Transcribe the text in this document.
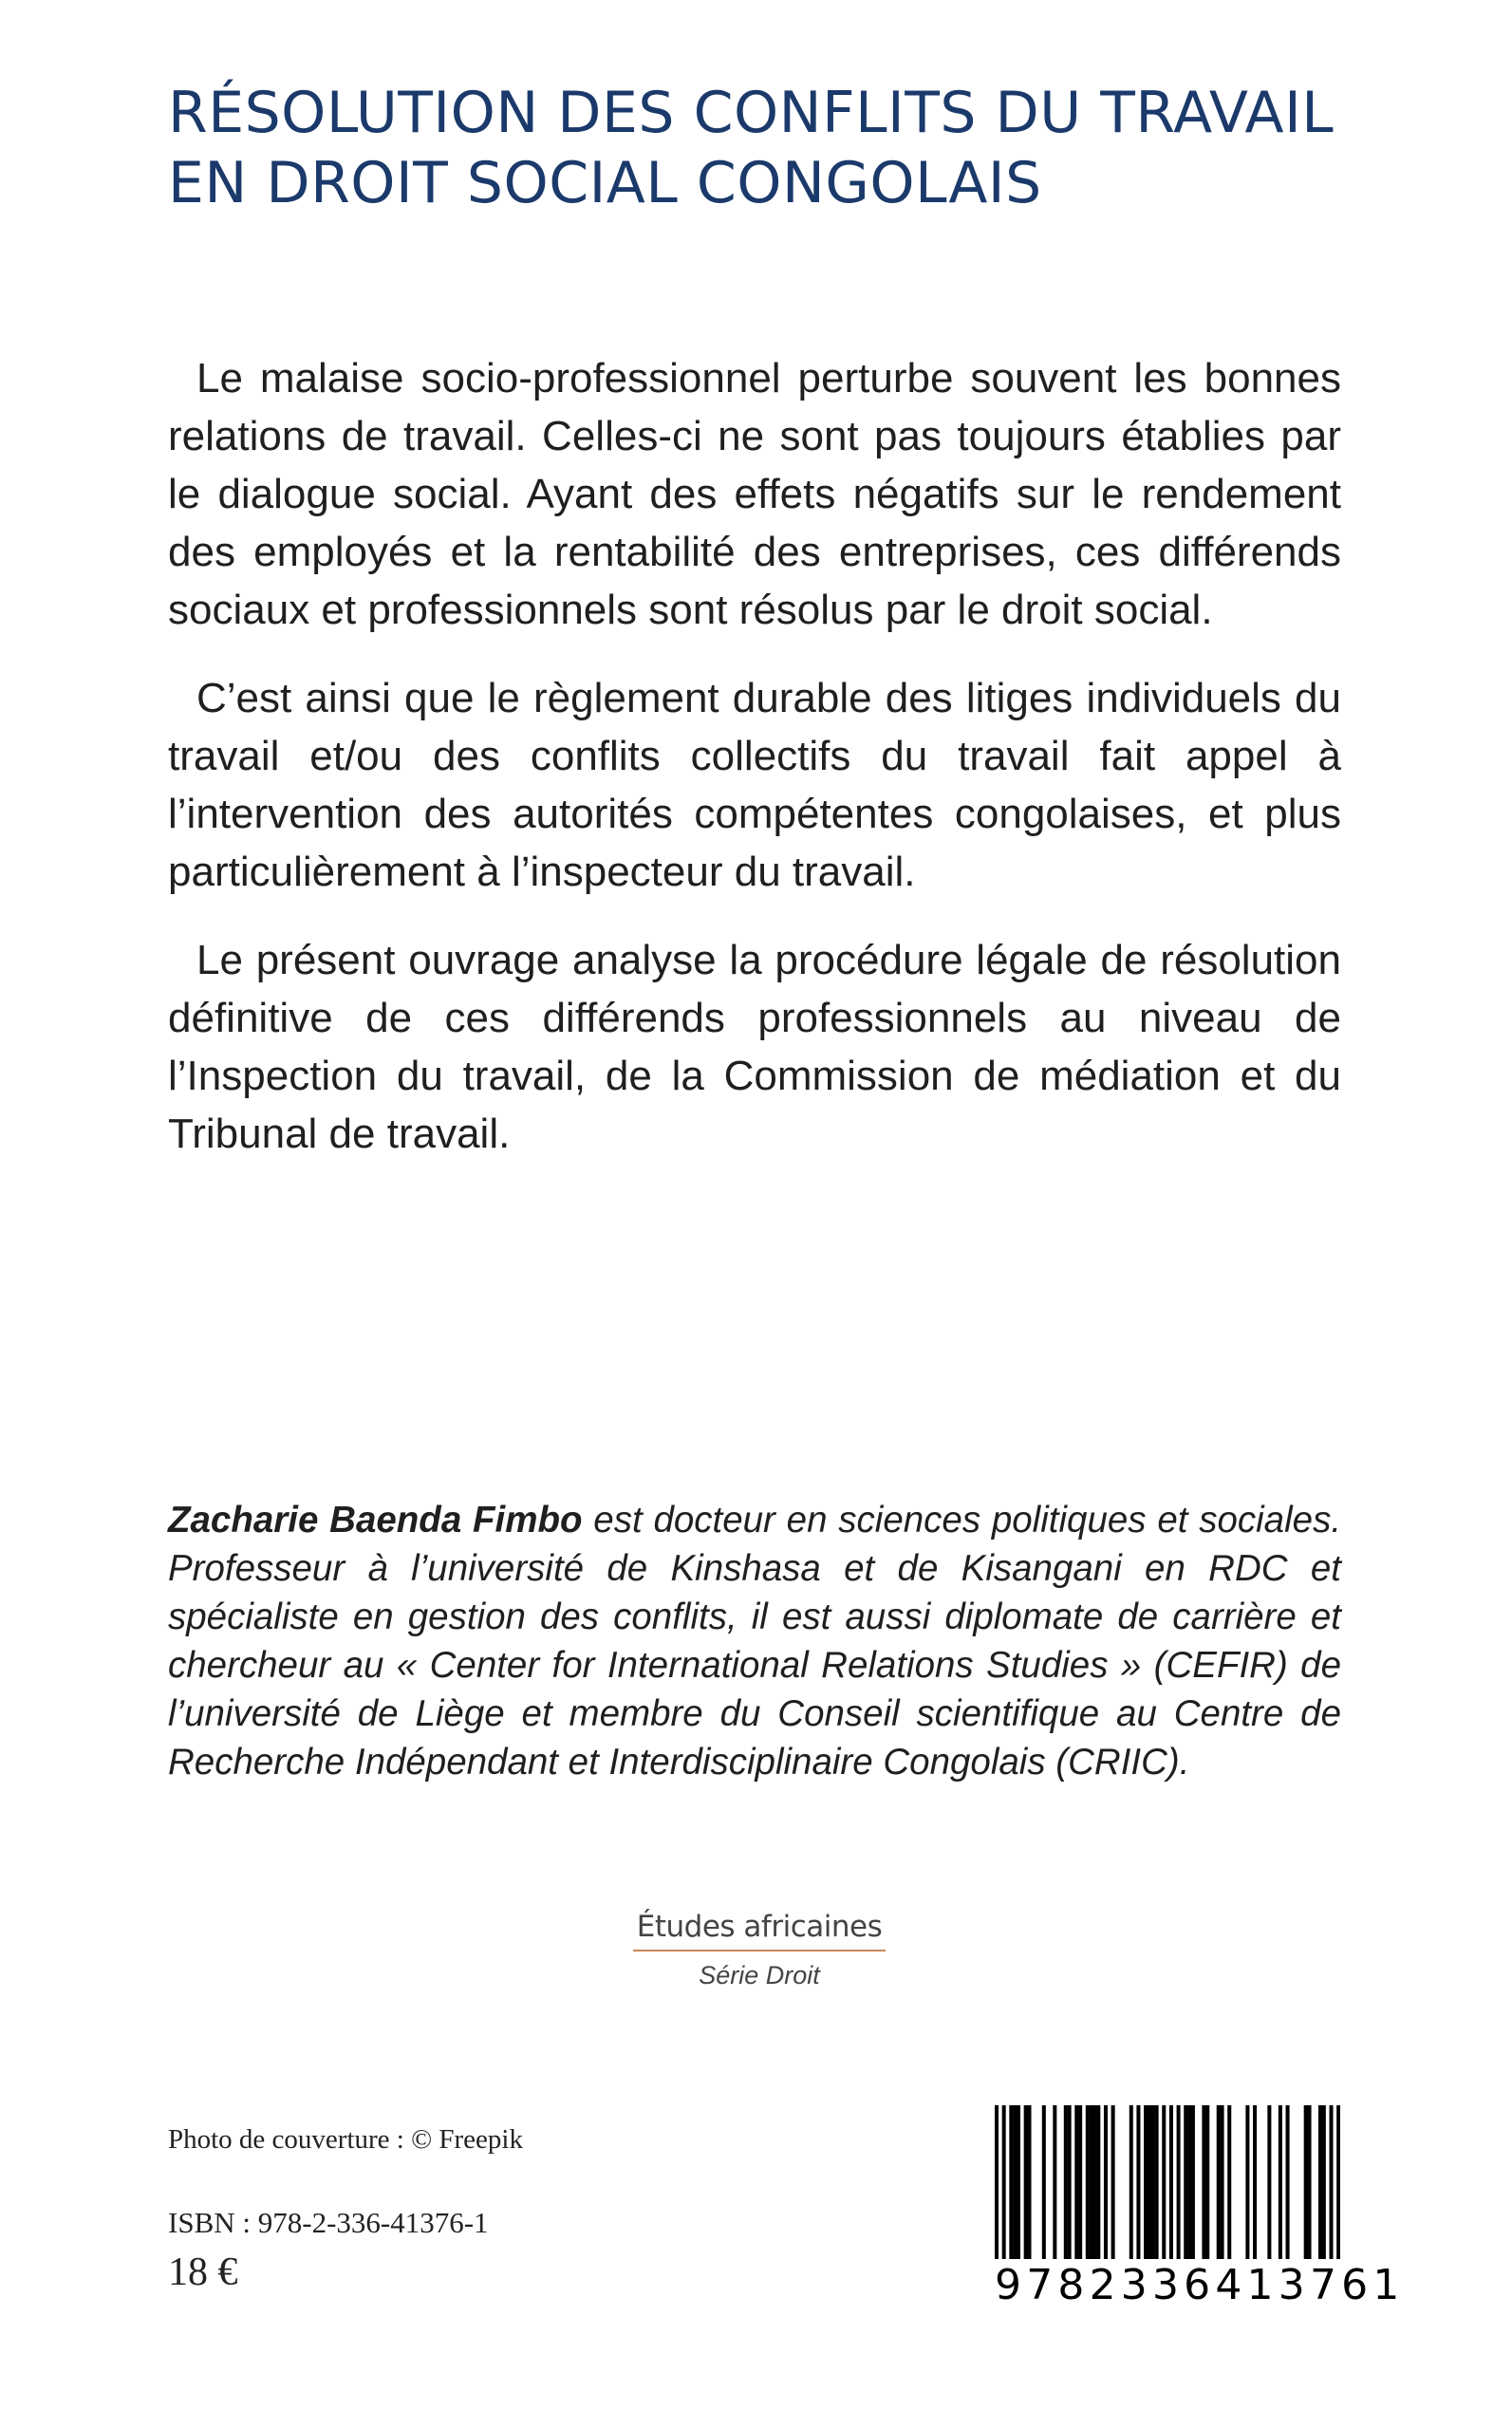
RÉSOLUTION DES CONFLITS DU TRAVAIL
EN DROIT SOCIAL CONGOLAIS

Le malaise socio-professionnel perturbe souvent les bonnes relations de travail. Celles-ci ne sont pas toujours établies par le dialogue social. Ayant des effets négatifs sur le rendement des employés et la rentabilité des entreprises, ces différends sociaux et professionnels sont résolus par le droit social.

C’est ainsi que le règlement durable des litiges individuels du travail et/ou des conflits collectifs du travail fait appel à l’intervention des autorités compétentes congolaises, et plus particulièrement à l’inspecteur du travail.

Le présent ouvrage analyse la procédure légale de résolution définitive de ces différends professionnels au niveau de l’Inspection du travail, de la Commission de médiation et du Tribunal de travail.

Zacharie Baenda Fimbo est docteur en sciences politiques et sociales. Professeur à l’université de Kinshasa et de Kisangani en RDC et spécialiste en gestion des conflits, il est aussi diplomate de carrière et chercheur au « Center for International Relations Studies » (CEFIR) de l’université de Liège et membre du Conseil scientifique au Centre de Recherche Indépendant et Interdisciplinaire Congolais (CRIIC).

Études africaines
Série Droit
Photo de couverture : © Freepik
ISBN : 978-2-336-41376-1
18 €	9782336413761
